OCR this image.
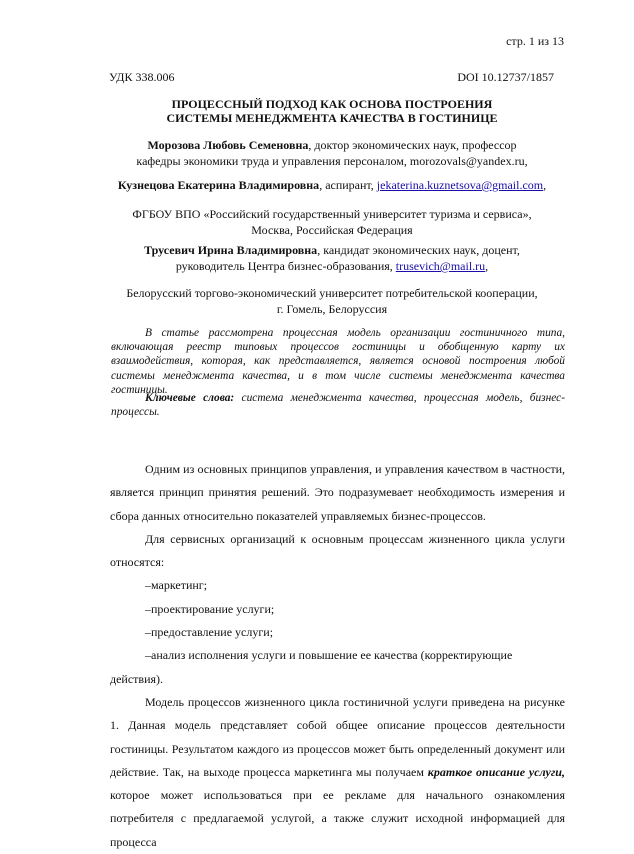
стр. 1 из 13
УДК 338.006	DOI 10.12737/1857
ПРОЦЕССНЫЙ ПОДХОД КАК ОСНОВА ПОСТРОЕНИЯ
СИСТЕМЫ МЕНЕДЖМЕНТА КАЧЕСТВА В ГОСТИНИЦЕ
Морозова Любовь Семеновна, доктор экономических наук, профессор
кафедры экономики труда и управления персоналом, morozovals@yandex.ru,
Кузнецова Екатерина Владимировна, аспирант, jekaterina.kuznetsova@gmail.com,
ФГБОУ ВПО «Российский государственный университет туризма и сервиса»,
Москва, Российская Федерация
Трусевич Ирина Владимировна, кандидат экономических наук, доцент,
руководитель Центра бизнес-образования, trusevich@mail.ru,
Белорусский торгово-экономический университет потребительской кооперации,
г. Гомель, Белоруссия
В статье рассмотрена процессная модель организации гостиничного типа, включающая реестр типовых процессов гостиницы и обобщенную карту их взаимодействия, которая, как представляется, является основой построения любой системы менеджмента качества, и в том числе системы менеджмента качества гостиницы.
Ключевые слова: система менеджмента качества, процессная модель, бизнес-процессы.

Одним из основных принципов управления, и управления качеством в частности, является принцип принятия решений. Это подразумевает необходимость измерения и сбора данных относительно показателей управляемых бизнес-процессов.

Для сервисных организаций к основным процессам жизненного цикла услуги относятся:

–маркетинг;

–проектирование услуги;

–предоставление услуги;

–анализ исполнения услуги и повышение ее качества (корректирующие действия).

Модель процессов жизненного цикла гостиничной услуги приведена на рисунке 1. Данная модель представляет собой общее описание процессов деятельности гостиницы. Результатом каждого из процессов может быть определенный документ или действие. Так, на выходе процесса маркетинга мы получаем краткое описание услуги, которое может использоваться при ее рекламе для начального ознакомления потребителя с предлагаемой услугой, а также служит исходной информацией для процесса
